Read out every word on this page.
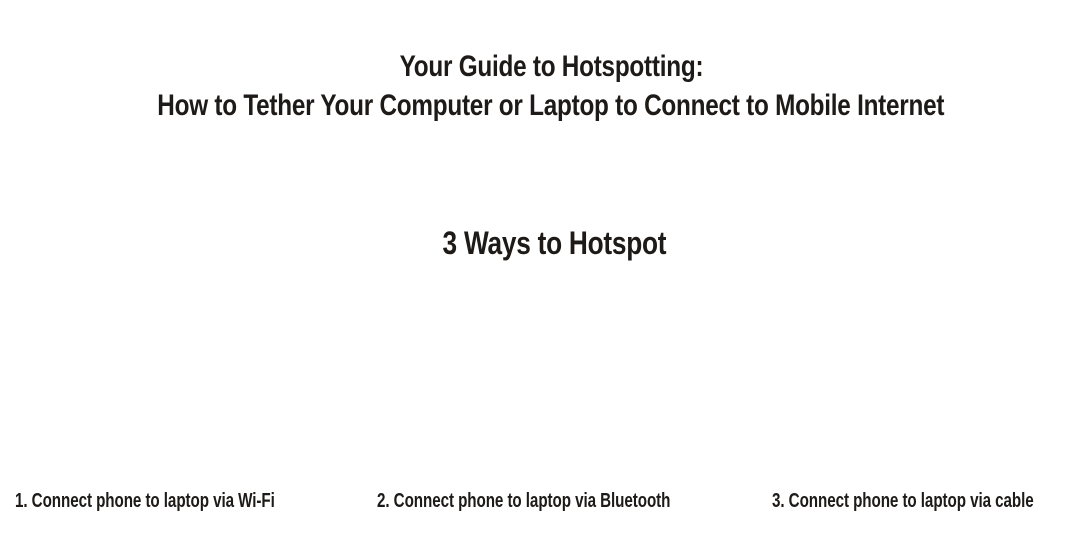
Your Guide to Hotspotting:
How to Tether Your Computer or Laptop to Connect to Mobile Internet
3 Ways to Hotspot
1. Connect phone to laptop via Wi-Fi	2. Connect phone to laptop via Bluetooth	3. Connect phone to laptop via cable
